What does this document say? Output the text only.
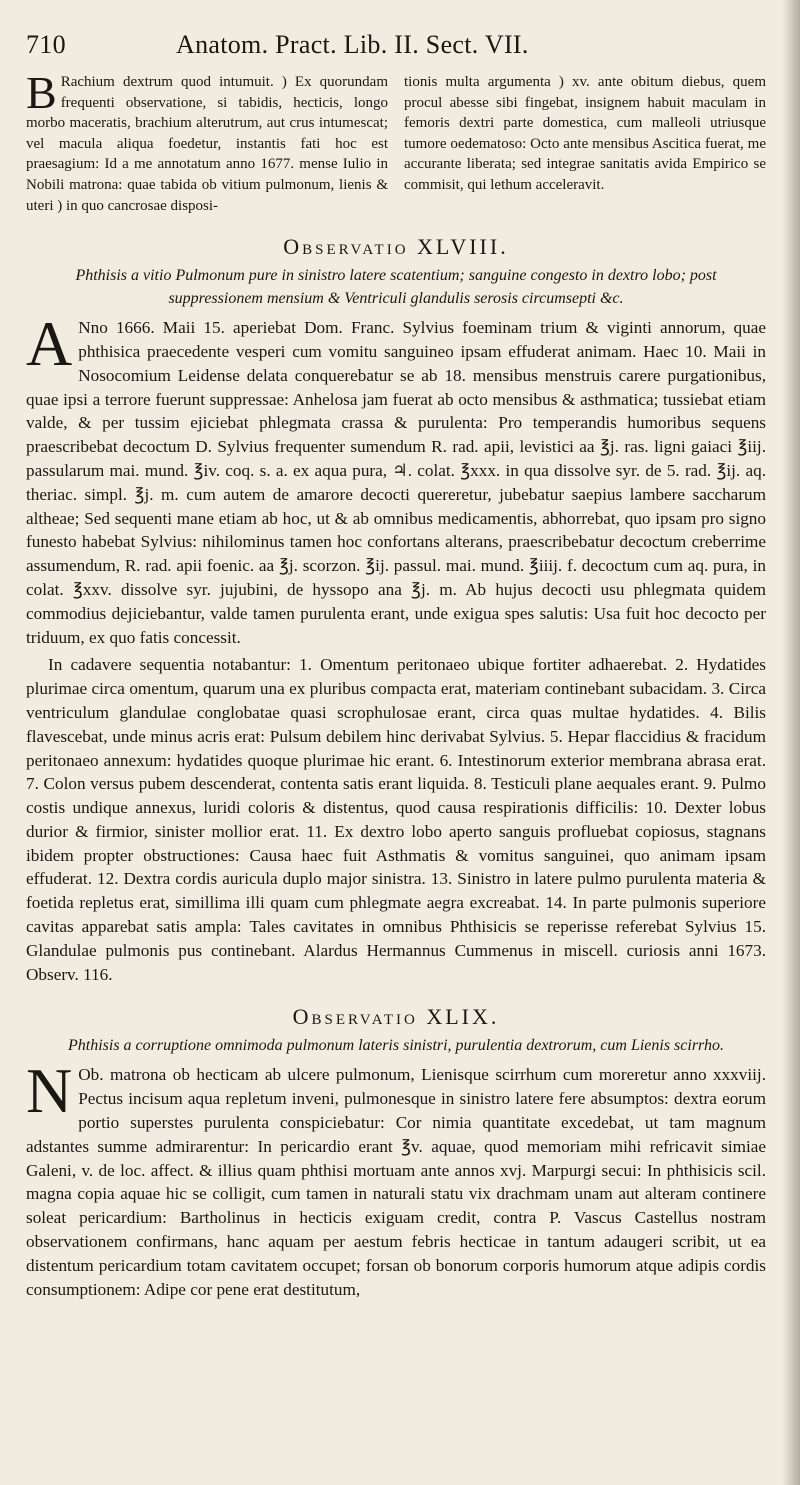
710	Anatom. Pract. Lib. II. Sect. VII.

B Rachium dextrum quod intumuit. ) Ex quorundam frequenti observatione, si tabidis, hecticis, longo morbo maceratis, brachium alterutrum, aut crus intumescat; vel macula aliqua foedetur, instantis fati hoc est praesagium: Id a me annotatum anno 1677. mense Iulio in Nobili matrona: quae tabida ob vitium pulmonum, lienis & uteri ) in quo cancrosae disposi-

tionis multa argumenta ) xv. ante obitum diebus, quem procul abesse sibi fingebat, insignem habuit maculam in femoris dextri parte domestica, cum malleoli utriusque tumore oedematoso: Octo ante mensibus Ascitica fuerat, me accurante liberata; sed integrae sanitatis avida Empirico se commisit, qui lethum acceleravit.

Observatio XLVIII.
Phthisis a vitio Pulmonum pure in sinistro latere scatentium; sanguine congesto in dextro lobo; post suppressionem mensium & Ventriculi glandulis serosis circumsepti &c.

A Nno 1666. Maii 15. aperiebat Dom. Franc. Sylvius foeminam trium & viginti annorum, quae phthisica praecedente vesperi cum vomitu sanguineo ipsam effuderat animam. Haec 10. Maii in Nosocomium Leidense delata conquerebatur se ab 18. mensibus menstruis carere purgationibus, quae ipsi a terrore fuerunt suppressae: Anhelosa jam fuerat ab octo mensibus & asthmatica; tussiebat etiam valde, & per tussim ejiciebat phlegmata crassa & purulenta: Pro temperandis humoribus sequens praescribebat decoctum D. Sylvius frequenter sumendum R. rad. apii, levistici aa ℥j. ras. ligni gaiaci ℥iij. passularum mai. mund. ℥iv. coq. s. a. ex aqua pura, ♃. colat. ℥xxx. in qua dissolve syr. de 5. rad. ℥ij. aq. theriac. simpl. ℥j. m. cum autem de amarore decocti quereretur, jubebatur saepius lambere saccharum altheae; Sed sequenti mane etiam ab hoc, ut & ab omnibus medicamentis, abhorrebat, quo ipsam pro signo funesto habebat Sylvius: nihilominus tamen hoc confortans alterans, praescribebatur decoctum creberrime assumendum, R. rad. apii foenic. aa ℥j. scorzon. ℥ij. passul. mai. mund. ℥iiij. f. decoctum cum aq. pura, in colat. ℥xxv. dissolve syr. jujubini, de hyssopo ana ℥j. m. Ab hujus decocti usu phlegmata quidem commodius dejiciebantur, valde tamen purulenta erant, unde exigua spes salutis: Usa fuit hoc decocto per triduum, ex quo fatis concessit.

In cadavere sequentia notabantur: 1. Omentum peritonaeo ubique fortiter adhaerebat. 2. Hydatides plurimae circa omentum, quarum una ex pluribus compacta erat, materiam continebant subacidam. 3. Circa ventriculum glandulae conglobatae quasi scrophulosae erant, circa quas multae hydatides. 4. Bilis flavescebat, unde minus acris erat: Pulsum debilem hinc derivabat Sylvius. 5. Hepar flaccidius & fracidum peritonaeo annexum: hydatides quoque plurimae hic erant. 6. Intestinorum exterior membrana abrasa erat. 7. Colon versus pubem descenderat, contenta satis erant liquida. 8. Testiculi plane aequales erant. 9. Pulmo costis undique annexus, luridi coloris & distentus, quod causa respirationis difficilis: 10. Dexter lobus durior & firmior, sinister mollior erat. 11. Ex dextro lobo aperto sanguis profluebat copiosus, stagnans ibidem propter obstructiones: Causa haec fuit Asthmatis & vomitus sanguinei, quo animam ipsam effuderat. 12. Dextra cordis auricula duplo major sinistra. 13. Sinistro in latere pulmo purulenta materia & foetida repletus erat, simillima illi quam cum phlegmate aegra excreabat. 14. In parte pulmonis superiore cavitas apparebat satis ampla: Tales cavitates in omnibus Phthisicis se reperisse referebat Sylvius 15. Glandulae pulmonis pus continebant. Alardus Hermannus Cummenus in miscell. curiosis anni 1673. Observ. 116.

Observatio XLIX.
Phthisis a corruptione omnimoda pulmonum lateris sinistri, purulentia dextrorum, cum Lienis scirrho.

N Ob. matrona ob hecticam ab ulcere pulmonum, Lienisque scirrhum cum moreretur anno xxxviij. Pectus incisum aqua repletum inveni, pulmonesque in sinistro latere fere absumptos: dextra eorum portio superstes purulenta conspiciebatur: Cor nimia quantitate excedebat, ut tam magnum adstantes summe admirarentur: In pericardio erant ℥v. aquae, quod memoriam mihi refricavit simiae Galeni, v. de loc. affect. & illius quam phthisi mortuam ante annos xvj. Marpurgi secui: In phthisicis scil. magna copia aquae hic se colligit, cum tamen in naturali statu vix drachmam unam aut alteram continere soleat pericardium: Bartholinus in hecticis exiguam credit, contra P. Vascus Castellus nostram observationem confirmans, hanc aquam per aestum febris hecticae in tantum adaugeri scribit, ut ea distentum pericardium totam cavitatem occupet; forsan ob bonorum corporis humorum atque adipis cordis consumptionem: Adipe cor pene erat destitutum,
